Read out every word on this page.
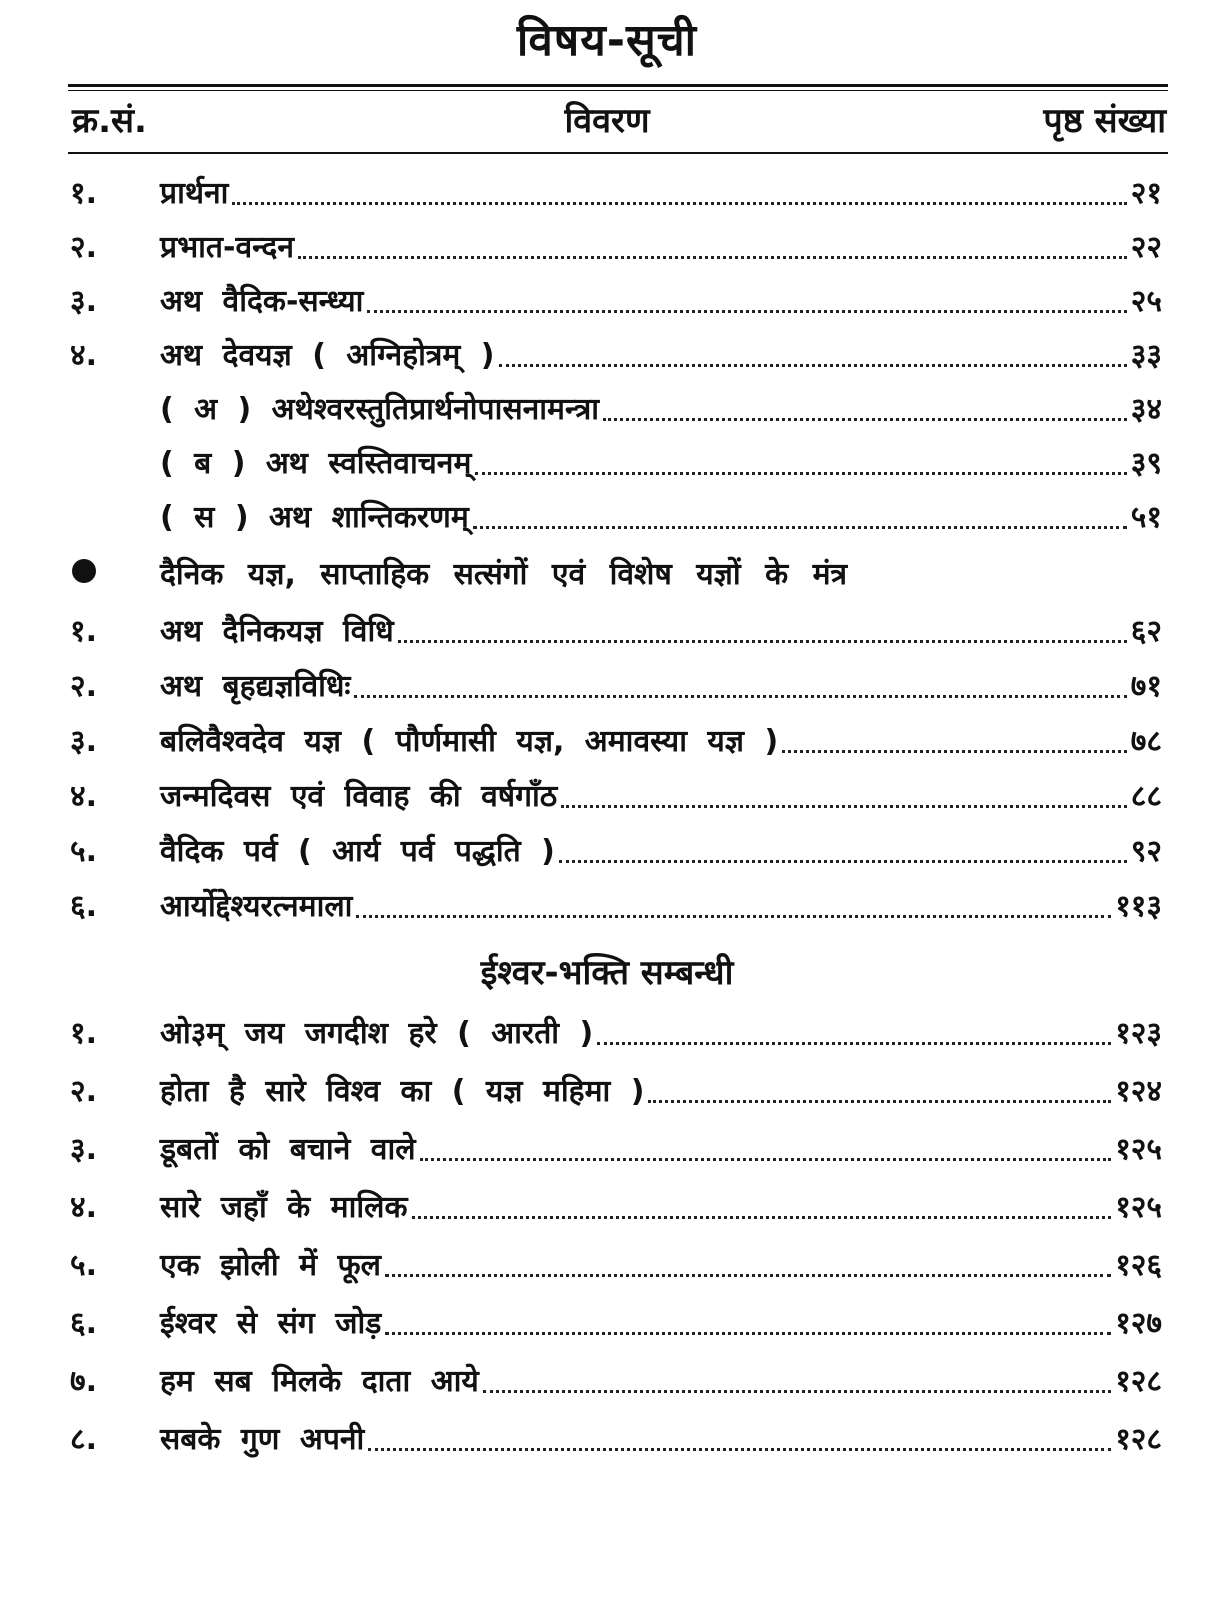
विषय-सूची
क्र.सं.	विवरण	पृष्ठ संख्या
१.	प्रार्थना	२१
२.	प्रभात-वन्दन	२२
३.	अथ वैदिक-सन्ध्या	२५
४.	अथ देवयज्ञ ( अग्निहोत्रम् )	३३
( अ ) अथेश्वरस्तुतिप्रार्थनोपासनामन्त्रा	३४
( ब ) अथ स्वस्तिवाचनम्	३९
( स ) अथ शान्तिकरणम्	५१
दैनिक यज्ञ, साप्ताहिक सत्संगों एवं विशेष यज्ञों के मंत्र
१.	अथ दैनिकयज्ञ विधि	६२
२.	अथ बृहद्यज्ञविधिः	७१
३.	बलिवैश्वदेव यज्ञ ( पौर्णमासी यज्ञ, अमावस्या यज्ञ )	७८
४.	जन्मदिवस एवं विवाह की वर्षगाँठ	८८
५.	वैदिक पर्व ( आर्य पर्व पद्धति )	९२
६.	आर्योद्देश्यरत्नमाला	११३
ईश्वर-भक्ति सम्बन्धी
१.	ओ३म् जय जगदीश हरे ( आरती )	१२३
२.	होता है सारे विश्व का ( यज्ञ महिमा )	१२४
३.	डूबतों को बचाने वाले	१२५
४.	सारे जहाँ के मालिक	१२५
५.	एक झोली में फूल	१२६
६.	ईश्वर से संग जोड़	१२७
७.	हम सब मिलके दाता आये	१२८
८.	सबके गुण अपनी	१२८
